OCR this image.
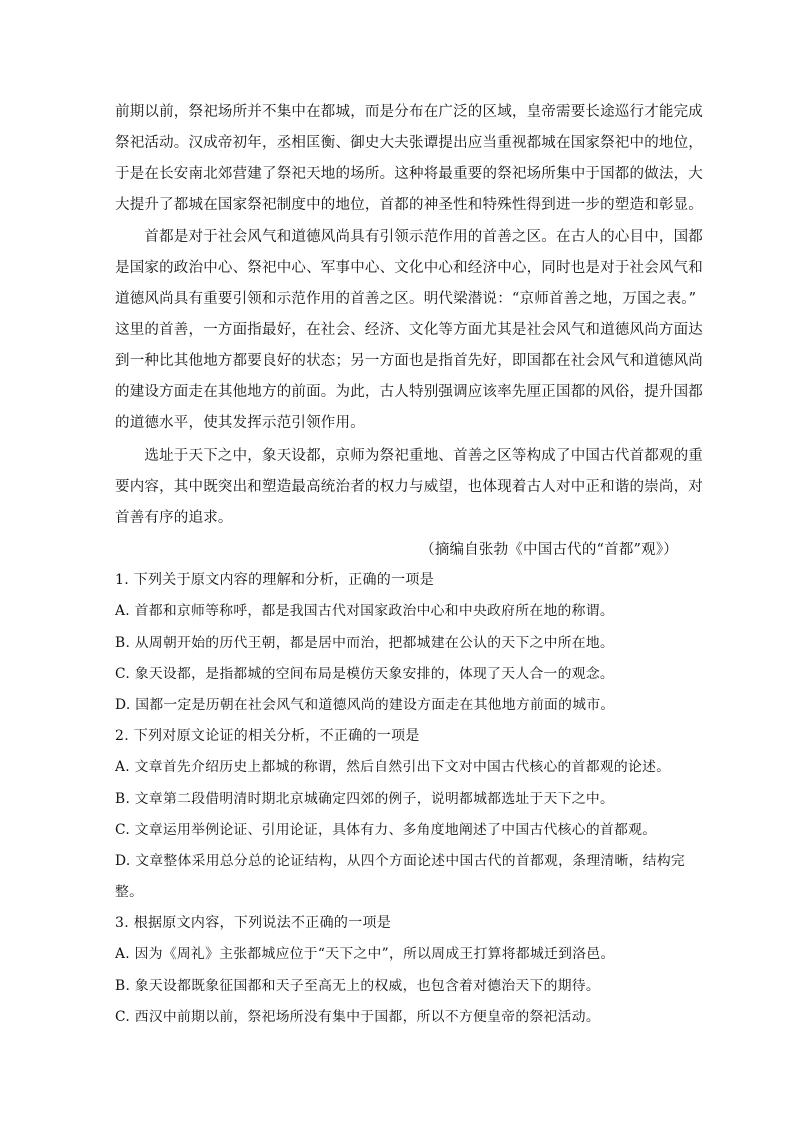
前期以前，祭祀场所并不集中在都城，而是分布在广泛的区域，皇帝需要长途巡行才能完成
祭祀活动。汉成帝初年，丞相匡衡、御史大夫张谭提出应当重视都城在国家祭祀中的地位，
于是在长安南北郊营建了祭祀天地的场所。这种将最重要的祭祀场所集中于国都的做法，大
大提升了都城在国家祭祀制度中的地位，首都的神圣性和特殊性得到进一步的塑造和彰显。
　　首都是对于社会风气和道德风尚具有引领示范作用的首善之区。在古人的心目中，国都
是国家的政治中心、祭祀中心、军事中心、文化中心和经济中心，同时也是对于社会风气和
道德风尚具有重要引领和示范作用的首善之区。明代梁潜说：“京师首善之地，万国之表。”
这里的首善，一方面指最好，在社会、经济、文化等方面尤其是社会风气和道德风尚方面达
到一种比其他地方都要良好的状态；另一方面也是指首先好，即国都在社会风气和道德风尚
的建设方面走在其他地方的前面。为此，古人特别强调应该率先厘正国都的风俗，提升国都
的道德水平，使其发挥示范引领作用。
　　选址于天下之中，象天设都，京师为祭祀重地、首善之区等构成了中国古代首都观的重
要内容，其中既突出和塑造最高统治者的权力与威望，也体现着古人对中正和谐的崇尚，对
首善有序的追求。
（摘编自张勃《中国古代的“首都”观》）
1. 下列关于原文内容的理解和分析，正确的一项是
A. 首都和京师等称呼，都是我国古代对国家政治中心和中央政府所在地的称谓。
B. 从周朝开始的历代王朝，都是居中而治，把都城建在公认的天下之中所在地。
C. 象天设都，是指都城的空间布局是模仿天象安排的，体现了天人合一的观念。
D. 国都一定是历朝在社会风气和道德风尚的建设方面走在其他地方前面的城市。
2. 下列对原文论证的相关分析，不正确的一项是
A. 文章首先介绍历史上都城的称谓，然后自然引出下文对中国古代核心的首都观的论述。
B. 文章第二段借明清时期北京城确定四郊的例子，说明都城都选址于天下之中。
C. 文章运用举例论证、引用论证，具体有力、多角度地阐述了中国古代核心的首都观。
D. 文章整体采用总分总的论证结构，从四个方面论述中国古代的首都观，条理清晰，结构完
整。
3. 根据原文内容，下列说法不正确的一项是
A. 因为《周礼》主张都城应位于“天下之中”，所以周成王打算将都城迁到洛邑。
B. 象天设都既象征国都和天子至高无上的权威，也包含着对德治天下的期待。
C. 西汉中前期以前，祭祀场所没有集中于国都，所以不方便皇帝的祭祀活动。
